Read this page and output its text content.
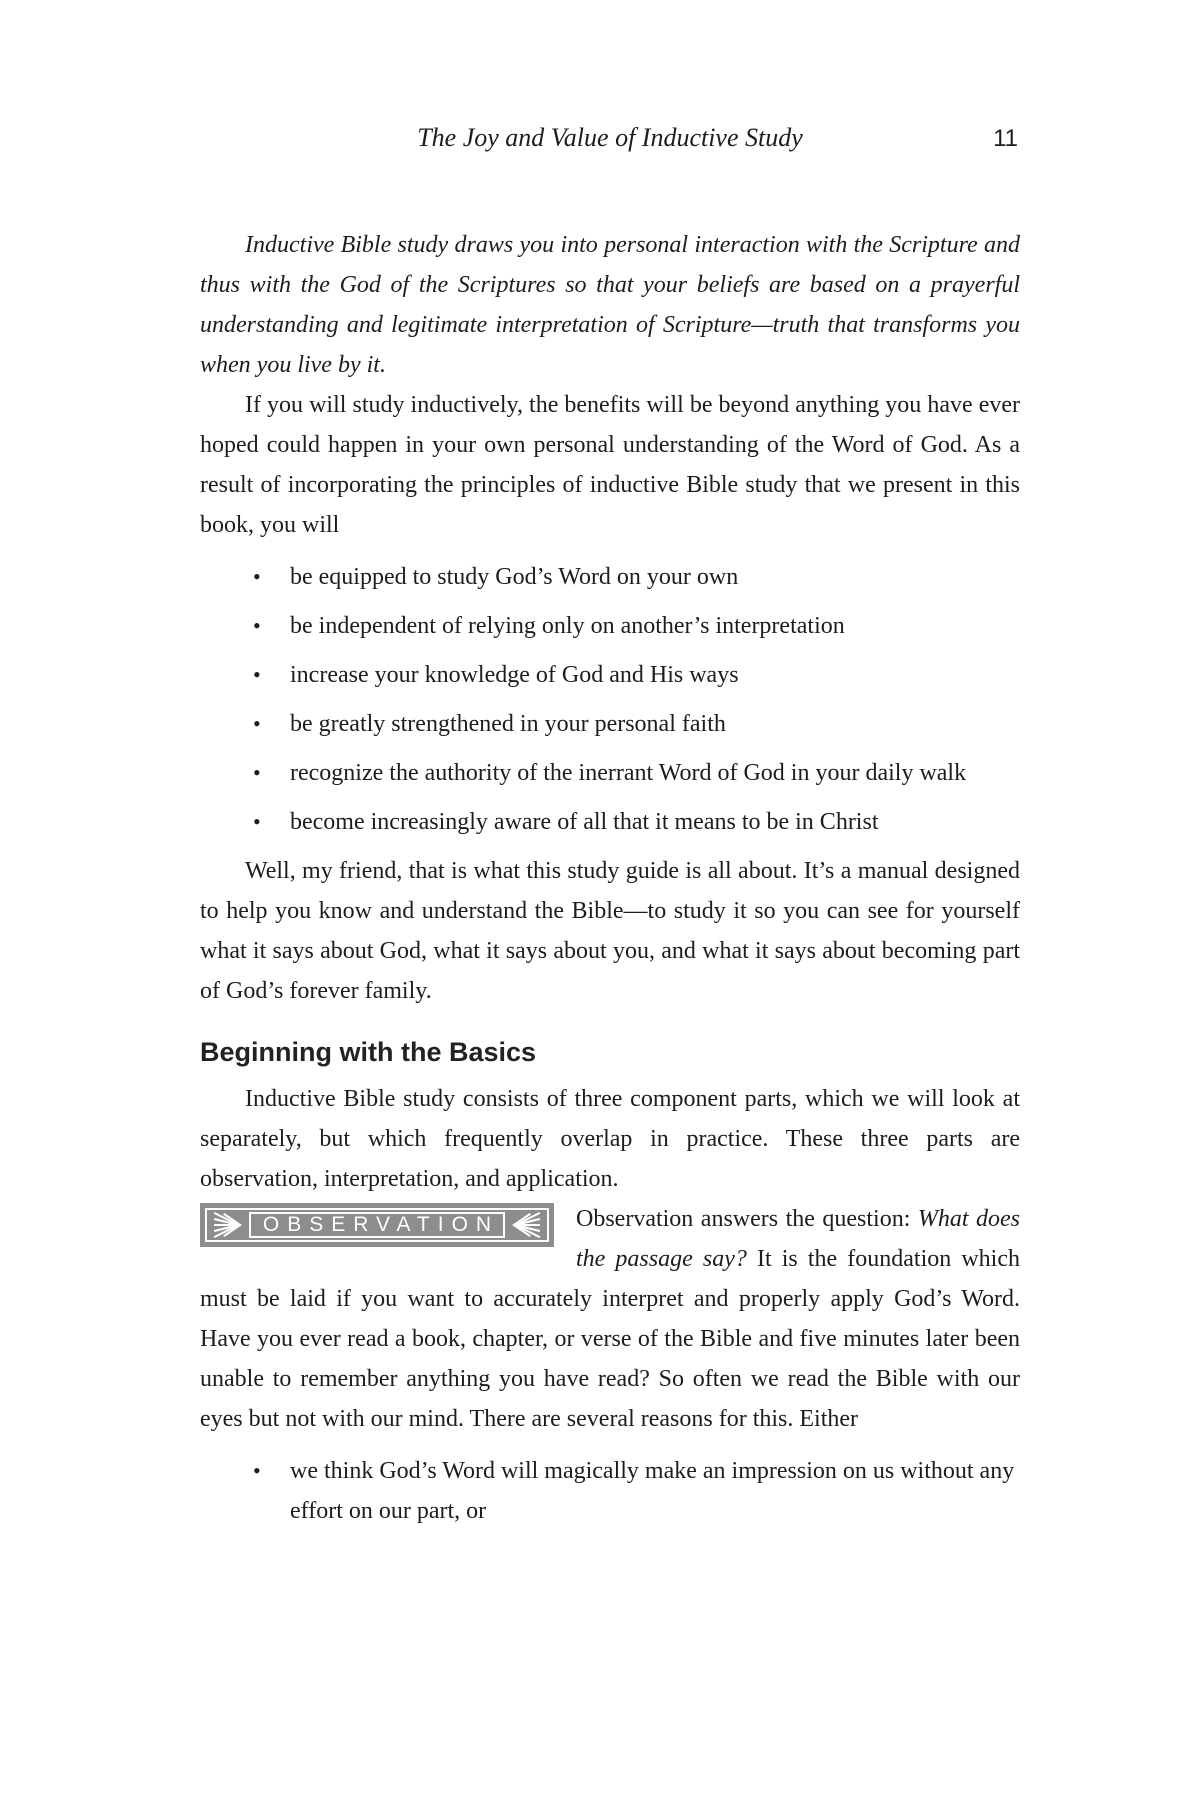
The Joy and Value of Inductive Study	11

Inductive Bible study draws you into personal interaction with the Scripture and thus with the God of the Scriptures so that your beliefs are based on a prayerful understanding and legitimate interpretation of Scripture—truth that transforms you when you live by it.

If you will study inductively, the benefits will be beyond anything you have ever hoped could happen in your own personal understanding of the Word of God. As a result of incorporating the principles of inductive Bible study that we present in this book, you will

• be equipped to study God’s Word on your own
• be independent of relying only on another’s interpretation
• increase your knowledge of God and His ways
• be greatly strengthened in your personal faith
• recognize the authority of the inerrant Word of God in your daily walk
• become increasingly aware of all that it means to be in Christ

Well, my friend, that is what this study guide is all about. It’s a manual designed to help you know and understand the Bible—to study it so you can see for yourself what it says about God, what it says about you, and what it says about becoming part of God’s forever family.

Beginning with the Basics

Inductive Bible study consists of three component parts, which we will look at separately, but which frequently overlap in practice. These three parts are observation, interpretation, and application.

OBSERVATION	Observation answers the question: What does the passage say? It is the foundation which must be laid if you want to accurately interpret and properly apply God’s Word. Have you ever read a book, chapter, or verse of the Bible and five minutes later been unable to remember anything you have read? So often we read the Bible with our eyes but not with our mind. There are several reasons for this. Either

• we think God’s Word will magically make an impression on us without any effort on our part, or
